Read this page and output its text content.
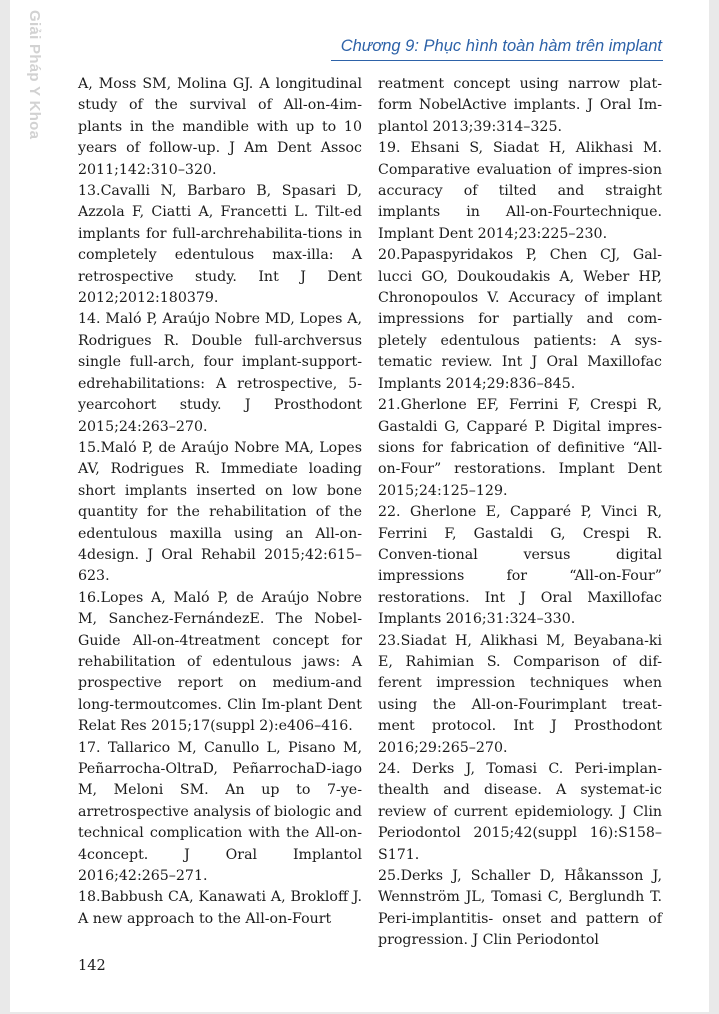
Giải Pháp Y Khoa	Chương 9: Phục hình toàn hàm trên implant

A, Moss SM, Molina GJ. A longitudinal study of the survival of All-on-4im-plants in the mandible with up to 10 years of follow-up. J Am Dent Assoc 2011;142:310–320.

13.Cavalli N, Barbaro B, Spasari D, Azzola F, Ciatti A, Francetti L. Tilt-ed implants for full-archrehabilita-tions in completely edentulous max-illa: A retrospective study. Int J Dent 2012;2012:180379.

14. Maló P, Araújo Nobre MD, Lopes A, Rodrigues R. Double full-archversus single full-arch, four implant-support-edrehabilitations: A retrospective, 5-yearcohort study. J Prosthodont 2015;24:263–270.

15.Maló P, de Araújo Nobre MA, Lopes AV, Rodrigues R. Immediate loading short implants inserted on low bone quantity for the rehabilitation of the edentulous maxilla using an All-on-4design. J Oral Rehabil 2015;42:615–623.

16.Lopes A, Maló P, de Araújo Nobre M, Sanchez-FernándezE. The Nobel-Guide All-on-4treatment concept for rehabilitation of edentulous jaws: A prospective report on medium-and long-termoutcomes. Clin Im-plant Dent Relat Res 2015;17(suppl 2):e406–416.

17. Tallarico M, Canullo L, Pisano M, Peñarrocha-OltraD, PeñarrochaD-iago M, Meloni SM. An up to 7-ye-arretrospective analysis of biologic and technical complication with the All-on-4concept. J Oral Implantol 2016;42:265–271.

18.Babbush CA, Kanawati A, Brokloff J. A new approach to the All-on-Fourt

reatment concept using narrow plat-form NobelActive implants. J Oral Im-plantol 2013;39:314–325.

19. Ehsani S, Siadat H, Alikhasi M. Comparative evaluation of impres-sion accuracy of tilted and straight implants in All-on-Fourtechnique. Implant Dent 2014;23:225–230.

20.Papaspyridakos P, Chen CJ, Gal-lucci GO, Doukoudakis A, Weber HP, Chronopoulos V. Accuracy of implant impressions for partially and com-pletely edentulous patients: A sys-tematic review. Int J Oral Maxillofac Implants 2014;29:836–845.

21.Gherlone EF, Ferrini F, Crespi R, Gastaldi G, Capparé P. Digital impres-sions for fabrication of definitive “All-on-Four” restorations. Implant Dent 2015;24:125–129.

22. Gherlone E, Capparé P, Vinci R, Ferrini F, Gastaldi G, Crespi R. Conven-tional versus digital impressions for “All-on-Four” restorations. Int J Oral Maxillofac Implants 2016;31:324–330.

23.Siadat H, Alikhasi M, Beyabana-ki E, Rahimian S. Comparison of dif-ferent impression techniques when using the All-on-Fourimplant treat-ment protocol. Int J Prosthodont 2016;29:265–270.

24. Derks J, Tomasi C. Peri-implan-thealth and disease. A systemat-ic review of current epidemiology. J Clin Periodontol 2015;42(suppl 16):S158–S171.

25.Derks J, Schaller D, Håkansson J, Wennström JL, Tomasi C, Berglundh T. Peri-implantitis- onset and pattern of progression. J Clin Periodontol

142
